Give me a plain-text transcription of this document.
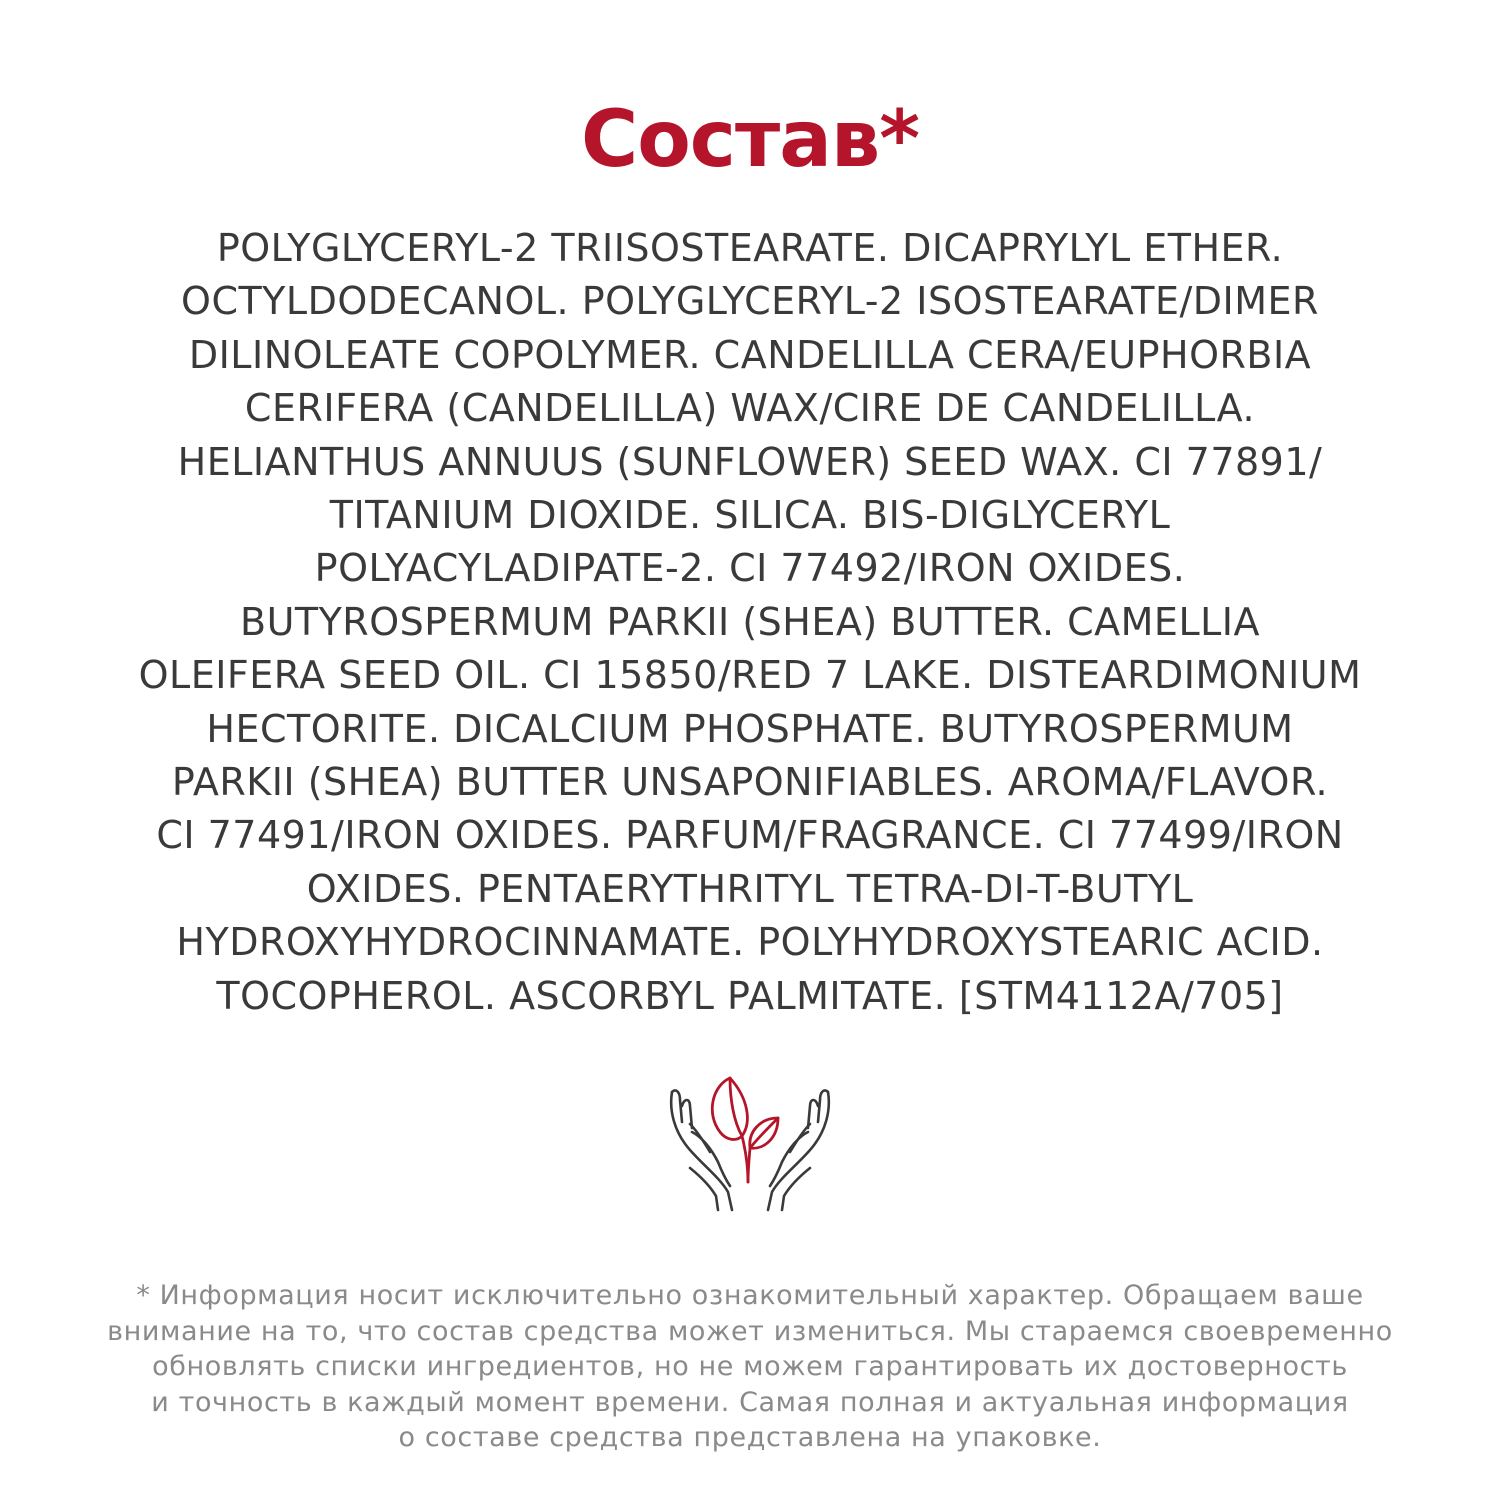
Состав*
POLYGLYCERYL-2 TRIISOSTEARATE. DICAPRYLYL ETHER.
OCTYLDODECANOL. POLYGLYCERYL-2 ISOSTEARATE/DIMER
DILINOLEATE COPOLYMER. CANDELILLA CERA/EUPHORBIA
CERIFERA (CANDELILLA) WAX/CIRE DE CANDELILLA.
HELIANTHUS ANNUUS (SUNFLOWER) SEED WAX. CI 77891/
TITANIUM DIOXIDE. SILICA. BIS-DIGLYCERYL
POLYACYLADIPATE-2. CI 77492/IRON OXIDES.
BUTYROSPERMUM PARKII (SHEA) BUTTER. CAMELLIA
OLEIFERA SEED OIL. CI 15850/RED 7 LAKE. DISTEARDIMONIUM
HECTORITE. DICALCIUM PHOSPHATE. BUTYROSPERMUM
PARKII (SHEA) BUTTER UNSAPONIFIABLES. AROMA/FLAVOR.
CI 77491/IRON OXIDES. PARFUM/FRAGRANCE. CI 77499/IRON
OXIDES. PENTAERYTHRITYL TETRA-DI-T-BUTYL
HYDROXYHYDROCINNAMATE. POLYHYDROXYSTEARIC ACID.
TOCOPHEROL. ASCORBYL PALMITATE. [STM4112A/705]
* Информация носит исключительно ознакомительный характер. Обращаем ваше
внимание на то, что состав средства может измениться. Мы стараемся своевременно
обновлять списки ингредиентов, но не можем гарантировать их достоверность
и точность в каждый момент времени. Самая полная и актуальная информация
о составе средства представлена на упаковке.
